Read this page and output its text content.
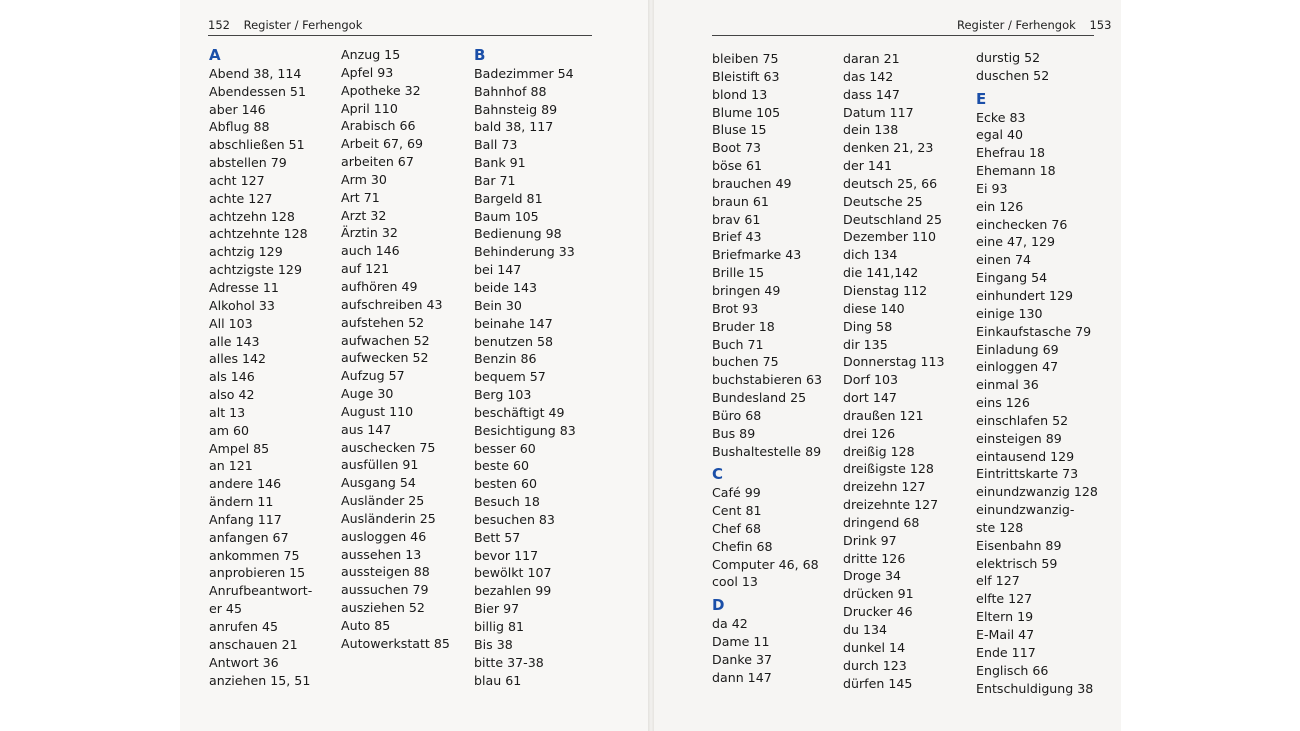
152 Register / Ferhengok	Register / Ferhengok 153
A
Abend 38, 114
Abendessen 51
aber 146
Abflug 88
abschließen 51
abstellen 79
acht 127
achte 127
achtzehn 128
achtzehnte 128
achtzig 129
achtzigste 129
Adresse 11
Alkohol 33
All 103
alle 143
alles 142
als 146
also 42
alt 13
am 60
Ampel 85
an 121
andere 146
ändern 11
Anfang 117
anfangen 67
ankommen 75
anprobieren 15
Anrufbeantwort-
er 45
anrufen 45
anschauen 21
Antwort 36
anziehen 15, 51
Anzug 15
Apfel 93
Apotheke 32
April 110
Arabisch 66
Arbeit 67, 69
arbeiten 67
Arm 30
Art 71
Arzt 32
Ärztin 32
auch 146
auf 121
aufhören 49
aufschreiben 43
aufstehen 52
aufwachen 52
aufwecken 52
Aufzug 57
Auge 30
August 110
aus 147
auschecken 75
ausfüllen 91
Ausgang 54
Ausländer 25
Ausländerin 25
ausloggen 46
aussehen 13
aussteigen 88
aussuchen 79
ausziehen 52
Auto 85
Autowerkstatt 85
B
Badezimmer 54
Bahnhof 88
Bahnsteig 89
bald 38, 117
Ball 73
Bank 91
Bar 71
Bargeld 81
Baum 105
Bedienung 98
Behinderung 33
bei 147
beide 143
Bein 30
beinahe 147
benutzen 58
Benzin 86
bequem 57
Berg 103
beschäftigt 49
Besichtigung 83
besser 60
beste 60
besten 60
Besuch 18
besuchen 83
Bett 57
bevor 117
bewölkt 107
bezahlen 99
Bier 97
billig 81
Bis 38
bitte 37-38
blau 61
bleiben 75
Bleistift 63
blond 13
Blume 105
Bluse 15
Boot 73
böse 61
brauchen 49
braun 61
brav 61
Brief 43
Briefmarke 43
Brille 15
bringen 49
Brot 93
Bruder 18
Buch 71
buchen 75
buchstabieren 63
Bundesland 25
Büro 68
Bus 89
Bushaltestelle 89
C
Café 99
Cent 81
Chef 68
Chefin 68
Computer 46, 68
cool 13
D
da 42
Dame 11
Danke 37
dann 147
daran 21
das 142
dass 147
Datum 117
dein 138
denken 21, 23
der 141
deutsch 25, 66
Deutsche 25
Deutschland 25
Dezember 110
dich 134
die 141,142
Dienstag 112
diese 140
Ding 58
dir 135
Donnerstag 113
Dorf 103
dort 147
draußen 121
drei 126
dreißig 128
dreißigste 128
dreizehn 127
dreizehnte 127
dringend 68
Drink 97
dritte 126
Droge 34
drücken 91
Drucker 46
du 134
dunkel 14
durch 123
dürfen 145
durstig 52
duschen 52
E
Ecke 83
egal 40
Ehefrau 18
Ehemann 18
Ei 93
ein 126
einchecken 76
eine 47, 129
einen 74
Eingang 54
einhundert 129
einige 130
Einkaufstasche 79
Einladung 69
einloggen 47
einmal 36
eins 126
einschlafen 52
einsteigen 89
eintausend 129
Eintrittskarte 73
einundzwanzig 128
einundzwanzig-
ste 128
Eisenbahn 89
elektrisch 59
elf 127
elfte 127
Eltern 19
E-Mail 47
Ende 117
Englisch 66
Entschuldigung 38
